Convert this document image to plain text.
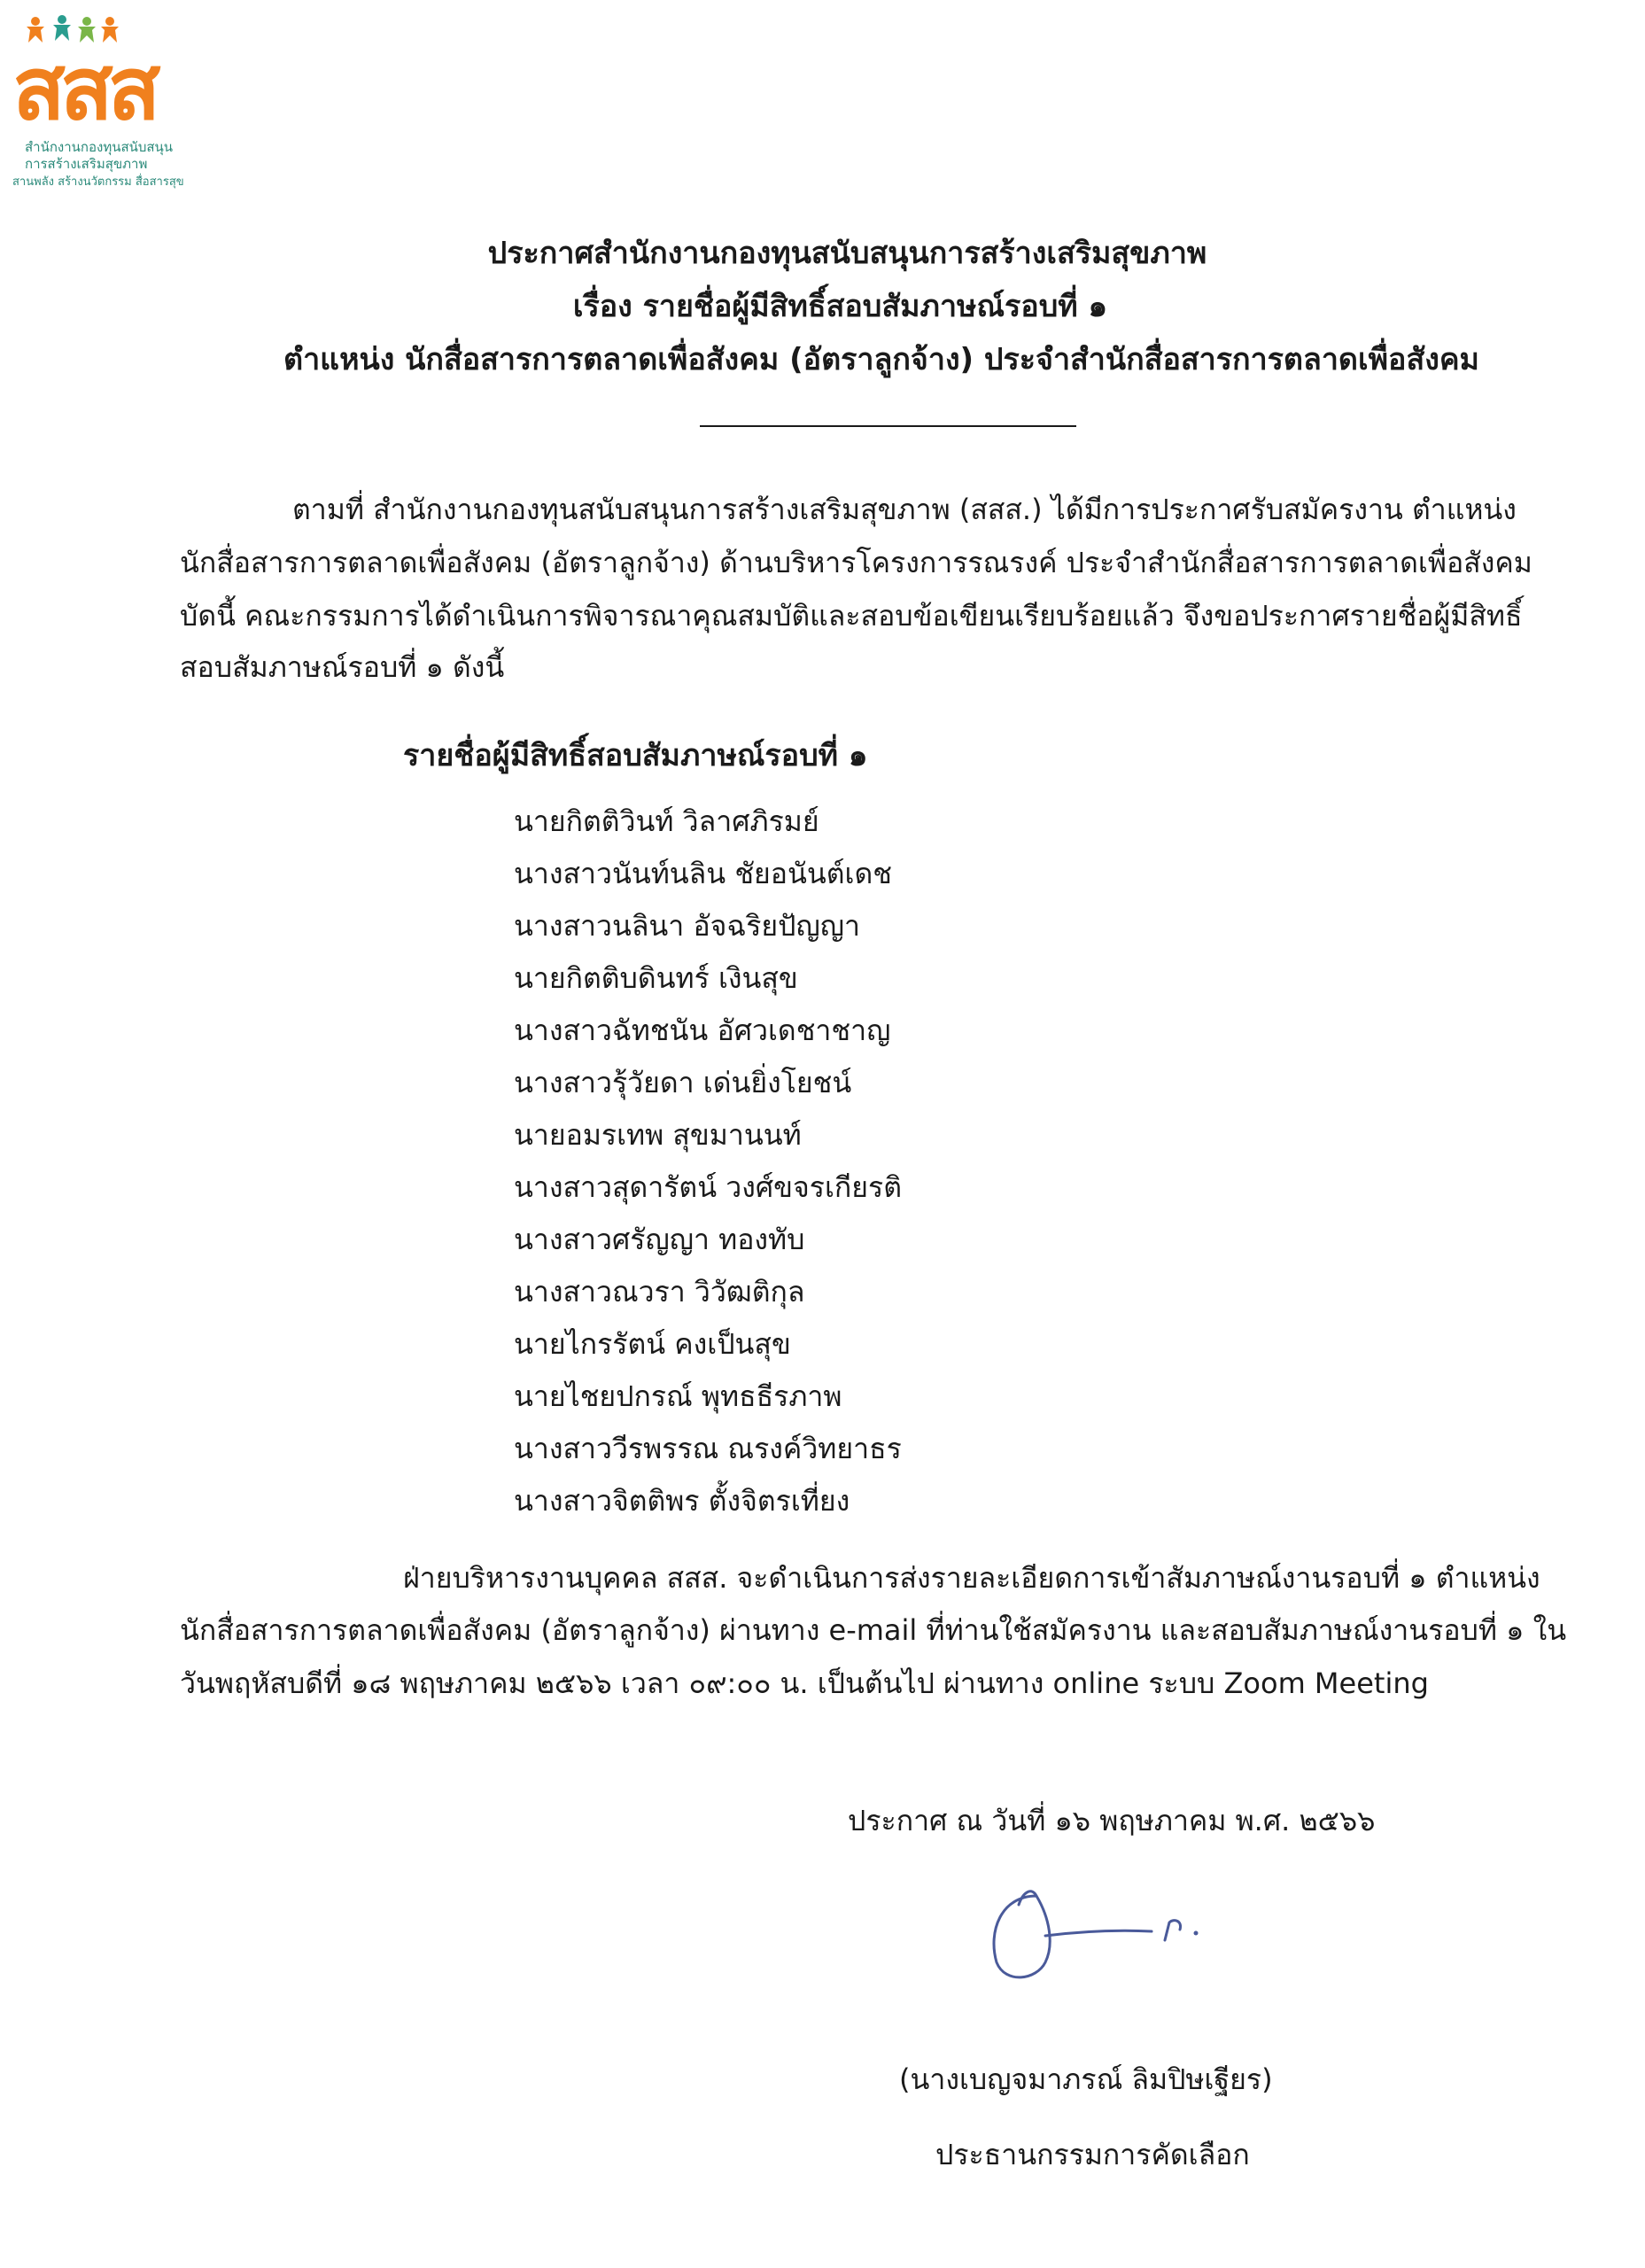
สสส
สำนักงานกองทุนสนับสนุน
การสร้างเสริมสุขภาพ
สานพลัง สร้างนวัตกรรม สื่อสารสุข
ประกาศสำนักงานกองทุนสนับสนุนการสร้างเสริมสุขภาพ
เรื่อง รายชื่อผู้มีสิทธิ์สอบสัมภาษณ์รอบที่ ๑
ตำแหน่ง นักสื่อสารการตลาดเพื่อสังคม (อัตราลูกจ้าง) ประจำสำนักสื่อสารการตลาดเพื่อสังคม
ตามที่ สำนักงานกองทุนสนับสนุนการสร้างเสริมสุขภาพ (สสส.) ได้มีการประกาศรับสมัครงาน ตำแหน่ง
นักสื่อสารการตลาดเพื่อสังคม (อัตราลูกจ้าง) ด้านบริหารโครงการรณรงค์ ประจำสำนักสื่อสารการตลาดเพื่อสังคม
บัดนี้ คณะกรรมการได้ดำเนินการพิจารณาคุณสมบัติและสอบข้อเขียนเรียบร้อยแล้ว จึงขอประกาศรายชื่อผู้มีสิทธิ์
สอบสัมภาษณ์รอบที่ ๑ ดังนี้
รายชื่อผู้มีสิทธิ์สอบสัมภาษณ์รอบที่ ๑
นายกิตติวินท์ วิลาศภิรมย์
นางสาวนันท์นลิน ชัยอนันต์เดช
นางสาวนลินา อัจฉริยปัญญา
นายกิตติบดินทร์ เงินสุข
นางสาวฉัทชนัน อัศวเดชาชาญ
นางสาวรุ้วัยดา เด่นยิ่งโยชน์
นายอมรเทพ สุขมานนท์
นางสาวสุดารัตน์ วงศ์ขจรเกียรติ
นางสาวศรัญญา ทองทับ
นางสาวณวรา วิวัฒติกุล
นายไกรรัตน์ คงเป็นสุข
นายไชยปกรณ์ พุทธธีรภาพ
นางสาววีรพรรณ ณรงค์วิทยาธร
นางสาวจิตติพร ตั้งจิตรเที่ยง
ฝ่ายบริหารงานบุคคล สสส. จะดำเนินการส่งรายละเอียดการเข้าสัมภาษณ์งานรอบที่ ๑ ตำแหน่ง
นักสื่อสารการตลาดเพื่อสังคม (อัตราลูกจ้าง) ผ่านทาง e-mail ที่ท่านใช้สมัครงาน และสอบสัมภาษณ์งานรอบที่ ๑ ใน
วันพฤหัสบดีที่ ๑๘ พฤษภาคม ๒๕๖๖ เวลา ๐๙:๐๐ น. เป็นต้นไป ผ่านทาง online ระบบ Zoom Meeting
ประกาศ ณ วันที่ ๑๖ พฤษภาคม พ.ศ. ๒๕๖๖
(นางเบญจมาภรณ์ ลิมปิษเฐียร)
ประธานกรรมการคัดเลือก
